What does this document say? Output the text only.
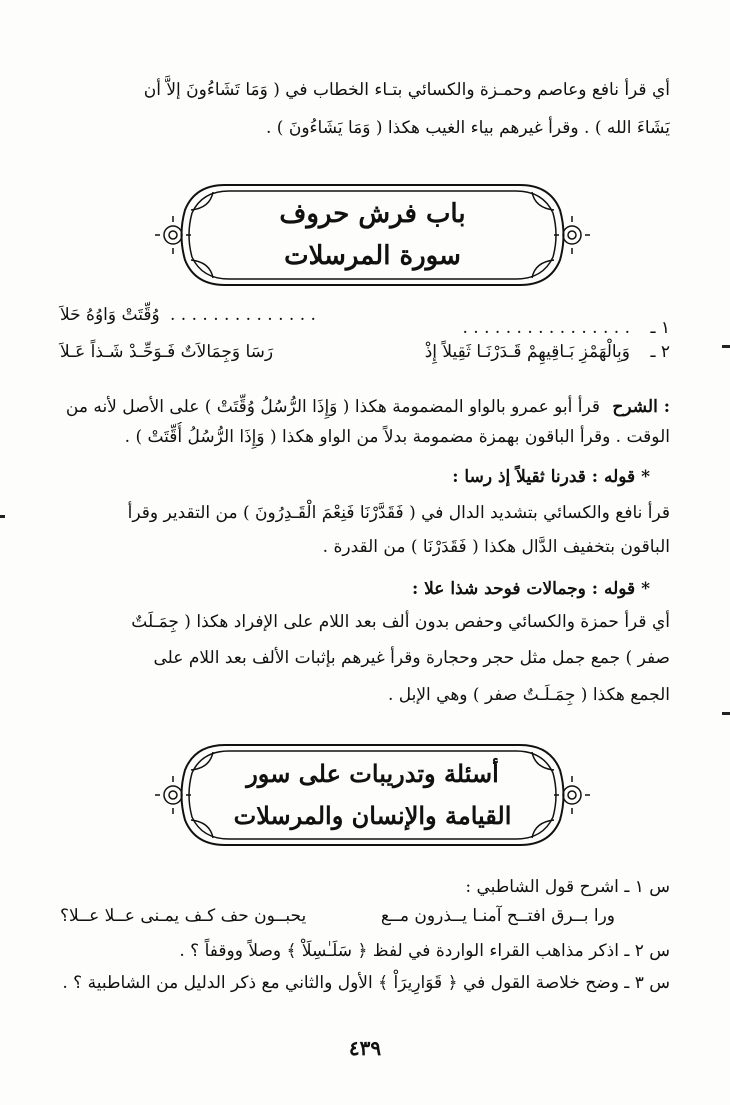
أي قرأ نافع وعاصم وحمـزة والكسائي بتـاء الخطاب في ( وَمَا تَشَاءُونَ إلاَّ أن
يَشَاءَ الله ) . وقرأ غيرهم بياء الغيب هكذا ( وَمَا يَشَاءُونَ ) .
باب فرش حروف
سورة المرسلات
وُقِّتَتْ وَاوُهُ حَلاَ . . . . . . . . . . . . . .
١ ـ
. . . . . . . . . . . . . . . .
٢ ـ
وَبِالْهَمْزِ بَـاقِيهِمْ قَـدَرْنَـا ثَقِيلاً إِذْ
رَسَا وَجِمَالاَتٌ فَـوَحِّـدْ شَـذاً عَـلاَ
الشرح :
قرأ أبو عمرو بالواو المضمومة هكذا ( وَإِذَا الرُّسُلُ وُقِّتَتْ ) على الأصل لأنه من
الوقت . وقرأ الباقون بهمزة مضمومة بدلاً من الواو هكذا ( وَإِذَا الرُّسُلُ أُقِّتَتْ ) .
* قوله : قدرنا ثقيلاً إذ رسا :
قرأ نافع والكسائي بتشديد الدال في ( فَقَدَّرْنَا فَنِعْمَ الْقَـدِرُونَ ) من التقدير وقرأ
الباقون بتخفيف الدَّال هكذا ( فَقَدَرْنَا ) من القدرة .
* قوله : وجمالات فوحد شذا علا :
أي قرأ حمزة والكسائي وحفص بدون ألف بعد اللام على الإفراد هكذا ( جِمَـلَتٌ
صفر ) جمع جمل مثل حجر وحجارة وقرأ غيرهم بإثبات الألف بعد اللام على
الجمع هكذا ( جِمَـلَـتٌ صفر ) وهي الإبل .
أسئلة وتدريبات على سور
القيامة والإنسان والمرسلات
س ١ ـ اشرح قول الشاطبي :
ورا بــرق افتــح آمنـا يــذرون مــع
يحبــون حف كـف يمـنى عــلا عــلا؟
س ٢ ـ اذكر مذاهب القراء الواردة في لفظ ﴿ سَلَـٰسِلَاْ ﴾ وصلاً ووقفاً ؟ .
س ٣ ـ وضح خلاصة القول في ﴿ قَوَارِيرَاْ ﴾ الأول والثاني مع ذكر الدليل من الشاطبية ؟ .
٤٣٩
